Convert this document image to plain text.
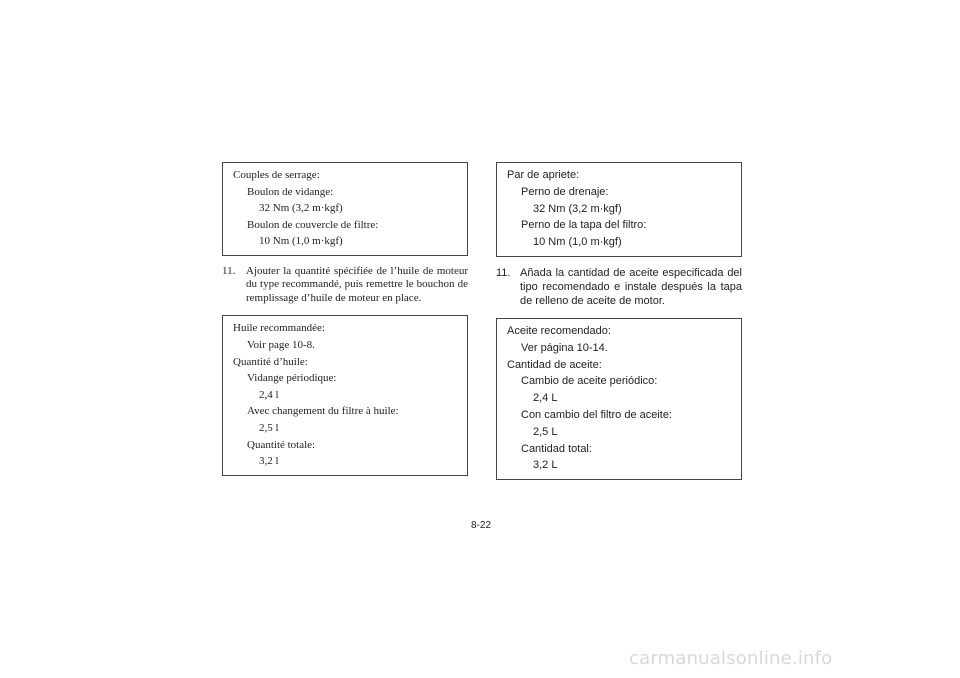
Couples de serrage:
Boulon de vidange:
32 Nm (3,2 m·kgf)
Boulon de couvercle de filtre:
10 Nm (1,0 m·kgf)
11. Ajouter la quantité spécifiée de l’huile de moteur du type recommandé, puis remettre le bouchon de remplissage d’huile de moteur en place.
Huile recommandée:
Voir page 10-8.
Quantité d’huile:
Vidange périodique:
2,4 l
Avec changement du filtre à huile:
2,5 l
Quantité totale:
3,2 l
Par de apriete:
Perno de drenaje:
32 Nm (3,2 m·kgf)
Perno de la tapa del filtro:
10 Nm (1,0 m·kgf)
11. Añada la cantidad de aceite especificada del tipo recomendado e instale después la tapa de relleno de aceite de motor.
Aceite recomendado:
Ver página 10-14.
Cantidad de aceite:
Cambio de aceite periódico:
2,4 L
Con cambio del filtro de aceite:
2,5 L
Cantidad total:
3,2 L
8-22
carmanualsonline.info
